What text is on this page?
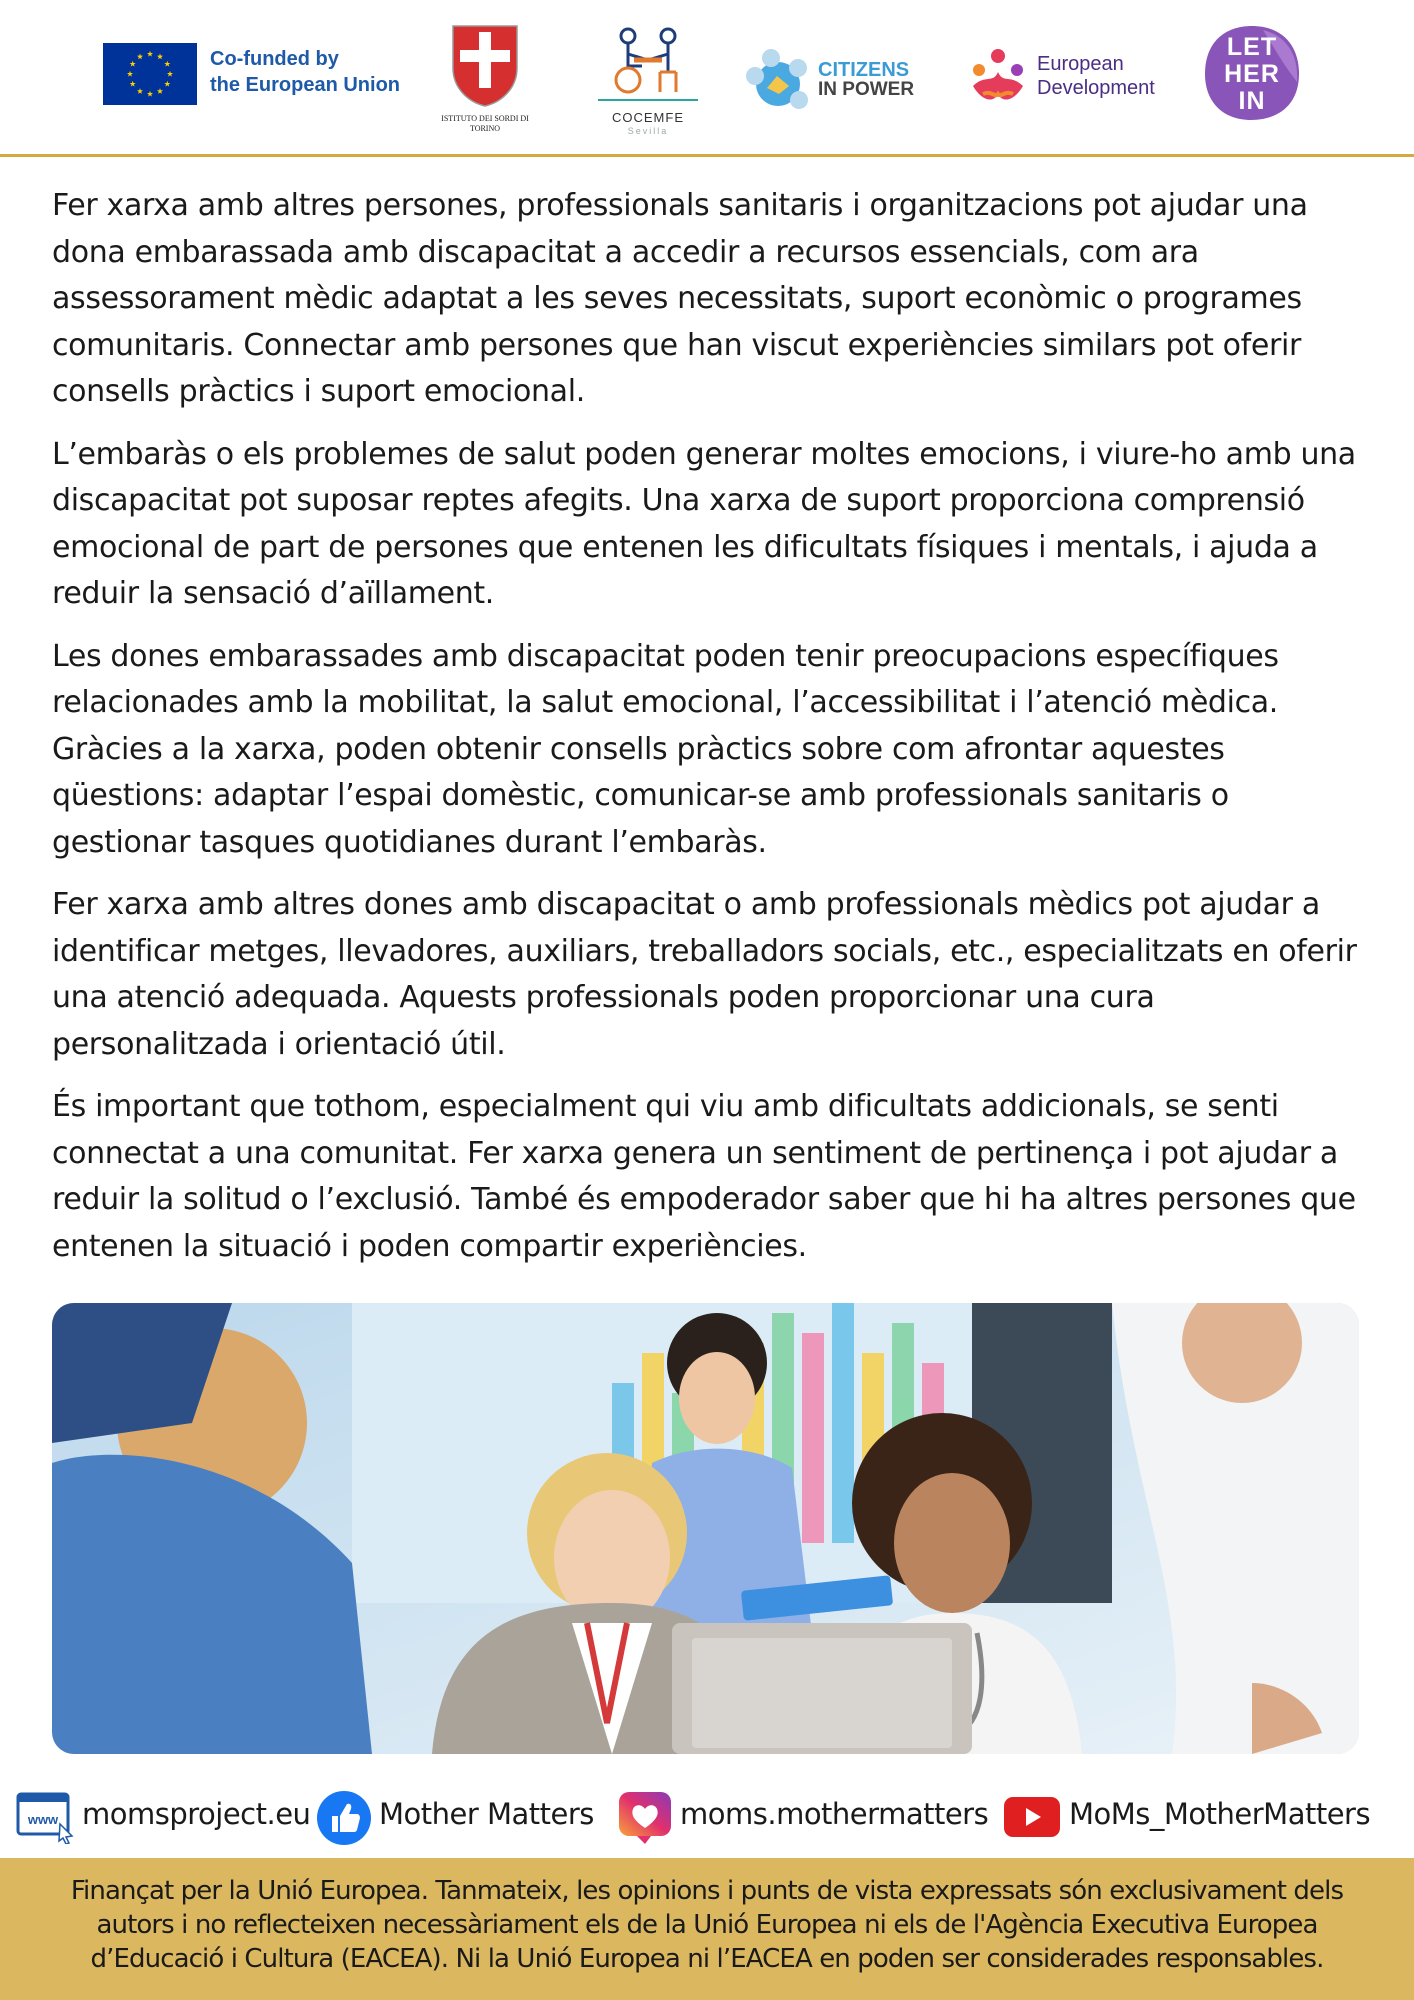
Co-funded by
the European Union
ISTITUTO DEI SORDI DI TORINO
COCEMFE
Sevilla
CITIZENS
IN POWER
European
Development
LET
HER
IN

Fer xarxa amb altres persones, professionals sanitaris i organitzacions pot ajudar una dona embarassada amb discapacitat a accedir a recursos essencials, com ara assessorament mèdic adaptat a les seves necessitats, suport econòmic o programes comunitaris. Connectar amb persones que han viscut experiències similars pot oferir consells pràctics i suport emocional.

L’embaràs o els problemes de salut poden generar moltes emocions, i viure-ho amb una discapacitat pot suposar reptes afegits. Una xarxa de suport proporciona comprensió emocional de part de persones que entenen les dificultats físiques i mentals, i ajuda a reduir la sensació d’aïllament.

Les dones embarassades amb discapacitat poden tenir preocupacions específiques relacionades amb la mobilitat, la salut emocional, l’accessibilitat i l’atenció mèdica. Gràcies a la xarxa, poden obtenir consells pràctics sobre com afrontar aquestes qüestions: adaptar l’espai domèstic, comunicar-se amb professionals sanitaris o gestionar tasques quotidianes durant l’embaràs.

Fer xarxa amb altres dones amb discapacitat o amb professionals mèdics pot ajudar a identificar metges, llevadores, auxiliars, treballadors socials, etc., especialitzats en oferir una atenció adequada. Aquests professionals poden proporcionar una cura personalitzada i orientació útil.

És important que tothom, especialment qui viu amb dificultats addicionals, se senti connectat a una comunitat. Fer xarxa genera un sentiment de pertinença i pot ajudar a reduir la solitud o l’exclusió. També és empoderador saber que hi ha altres persones que entenen la situació i poden compartir experiències.

www momsproject.eu Mother Matters	moms.mothermatters	MoMs_MotherMatters
Finançat per la Unió Europea. Tanmateix, les opinions i punts de vista expressats són exclusivament dels autors i no reflecteixen necessàriament els de la Unió Europea ni els de l'Agència Executiva Europea d’Educació i Cultura (EACEA). Ni la Unió Europea ni l’EACEA en poden ser considerades responsables.
